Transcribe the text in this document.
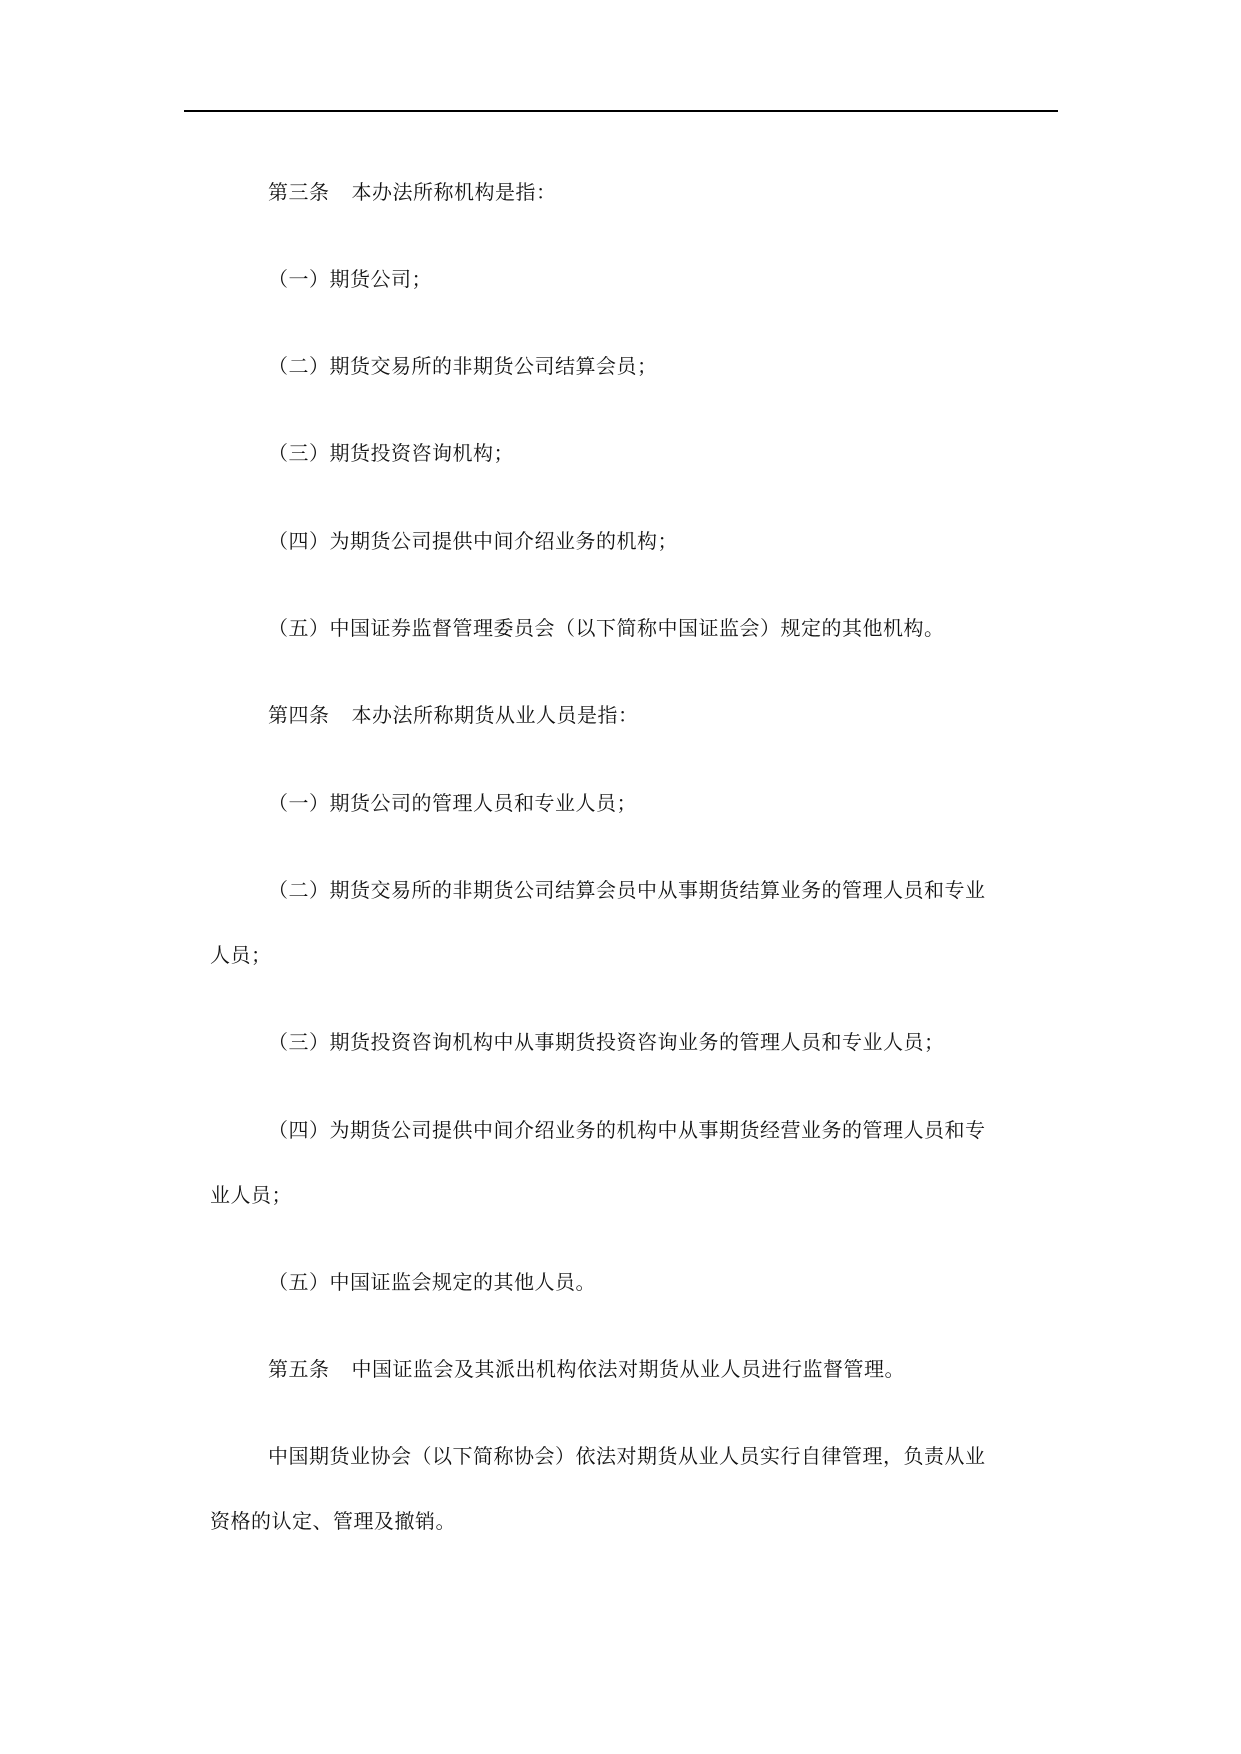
第三条 本办法所称机构是指：
（一）期货公司；
（二）期货交易所的非期货公司结算会员；
（三）期货投资咨询机构；
（四）为期货公司提供中间介绍业务的机构；
（五）中国证券监督管理委员会（以下简称中国证监会）规定的其他机构。
第四条 本办法所称期货从业人员是指：
（一）期货公司的管理人员和专业人员；
（二）期货交易所的非期货公司结算会员中从事期货结算业务的管理人员和专业
人员；
（三）期货投资咨询机构中从事期货投资咨询业务的管理人员和专业人员；
（四）为期货公司提供中间介绍业务的机构中从事期货经营业务的管理人员和专
业人员；
（五）中国证监会规定的其他人员。
第五条 中国证监会及其派出机构依法对期货从业人员进行监督管理。
中国期货业协会（以下简称协会）依法对期货从业人员实行自律管理，负责从业
资格的认定、管理及撤销。
